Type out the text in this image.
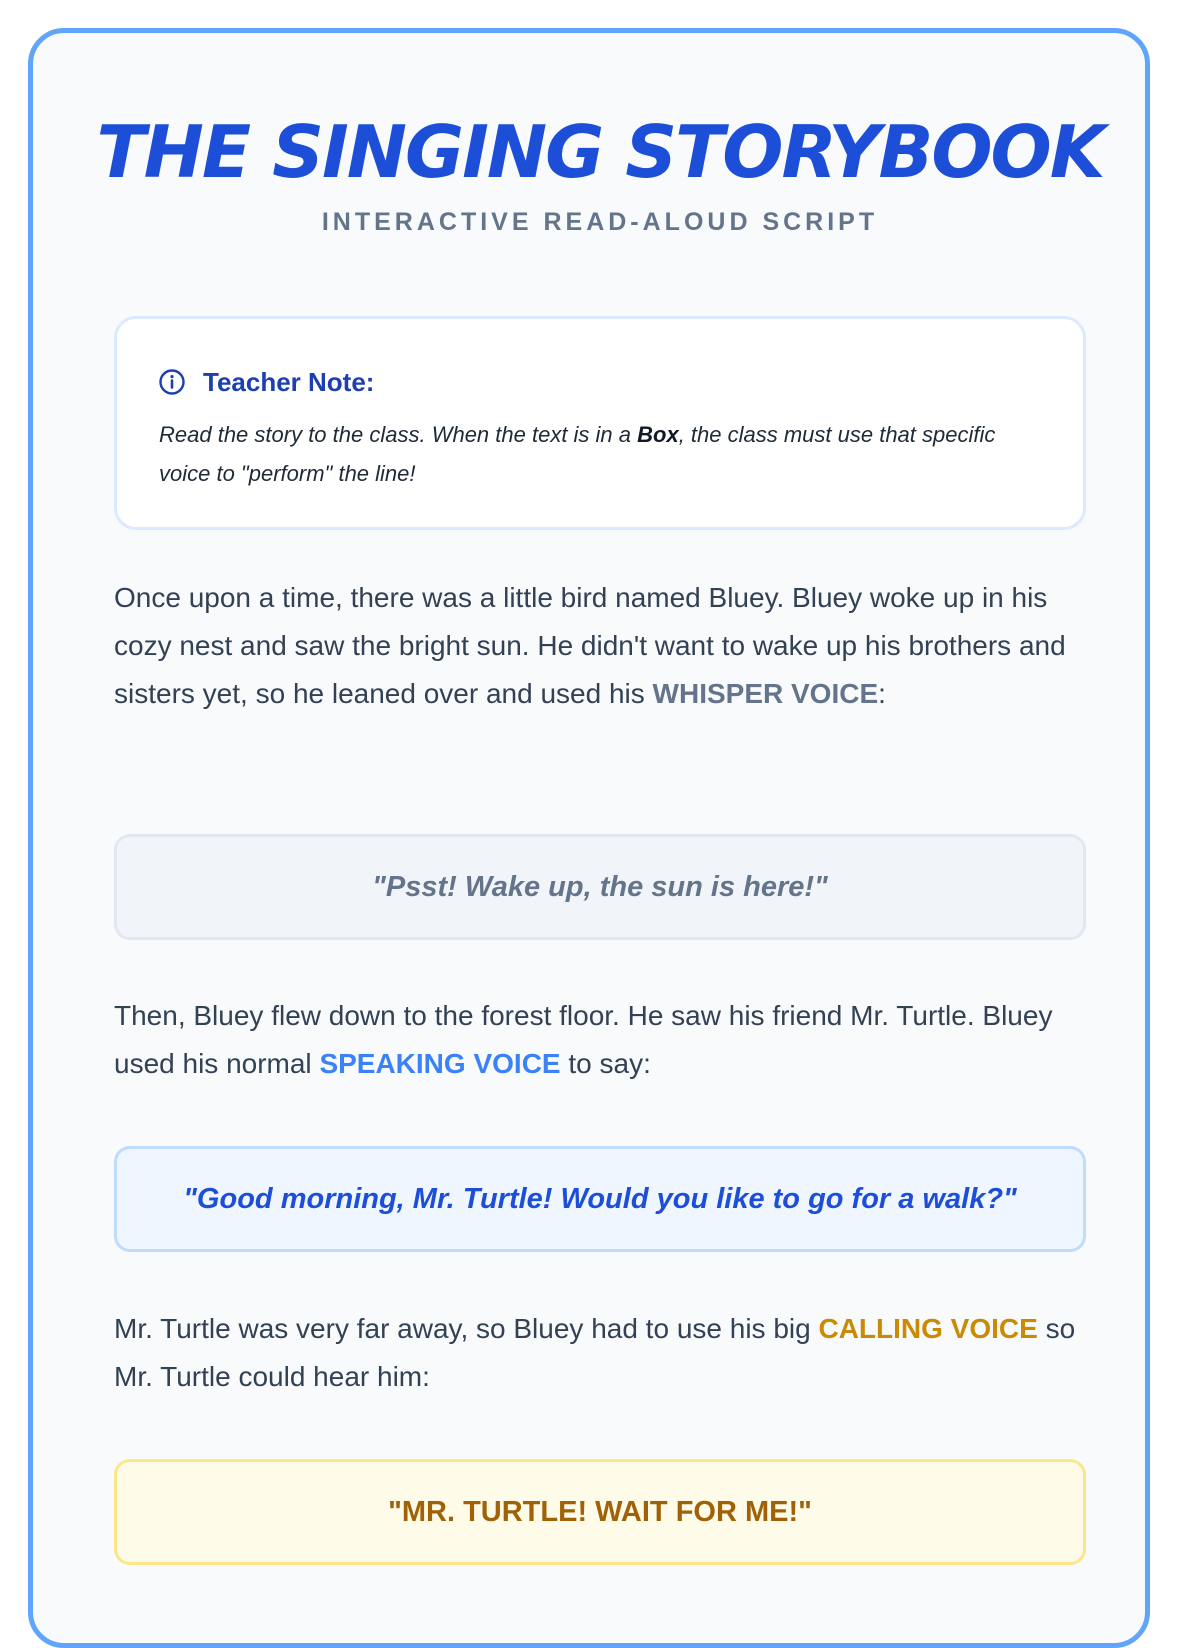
THE SINGING STORYBOOK
INTERACTIVE READ-ALOUD SCRIPT
Teacher Note:
Read the story to the class. When the text is in a Box, the class must use that specific voice to "perform" the line!

Once upon a time, there was a little bird named Bluey. Bluey woke up in his cozy nest and saw the bright sun. He didn't want to wake up his brothers and sisters yet, so he leaned over and used his WHISPER VOICE:

"Psst! Wake up, the sun is here!"

Then, Bluey flew down to the forest floor. He saw his friend Mr. Turtle. Bluey used his normal SPEAKING VOICE to say:

"Good morning, Mr. Turtle! Would you like to go for a walk?"

Mr. Turtle was very far away, so Bluey had to use his big CALLING VOICE so Mr. Turtle could hear him:

"MR. TURTLE! WAIT FOR ME!"
